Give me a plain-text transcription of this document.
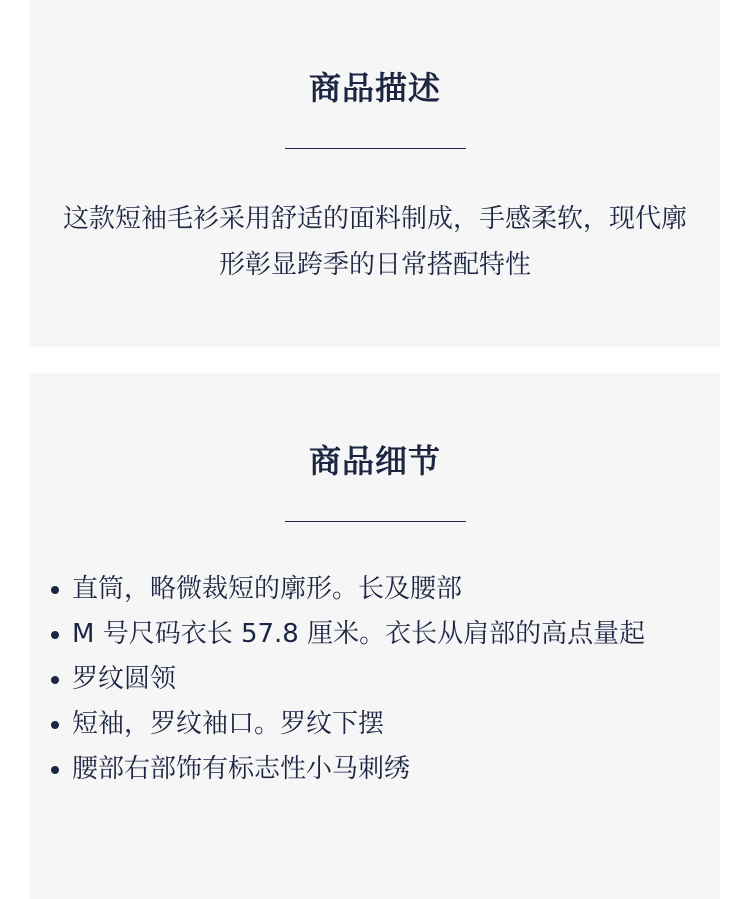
商品描述

这款短袖毛衫采用舒适的面料制成，手感柔软，现代廓形彰显跨季的日常搭配特性

商品细节
直筒，略微裁短的廓形。长及腰部
M 号尺码衣长 57.8 厘米。衣长从肩部的高点量起
罗纹圆领
短袖，罗纹袖口。罗纹下摆
腰部右部饰有标志性小马刺绣
